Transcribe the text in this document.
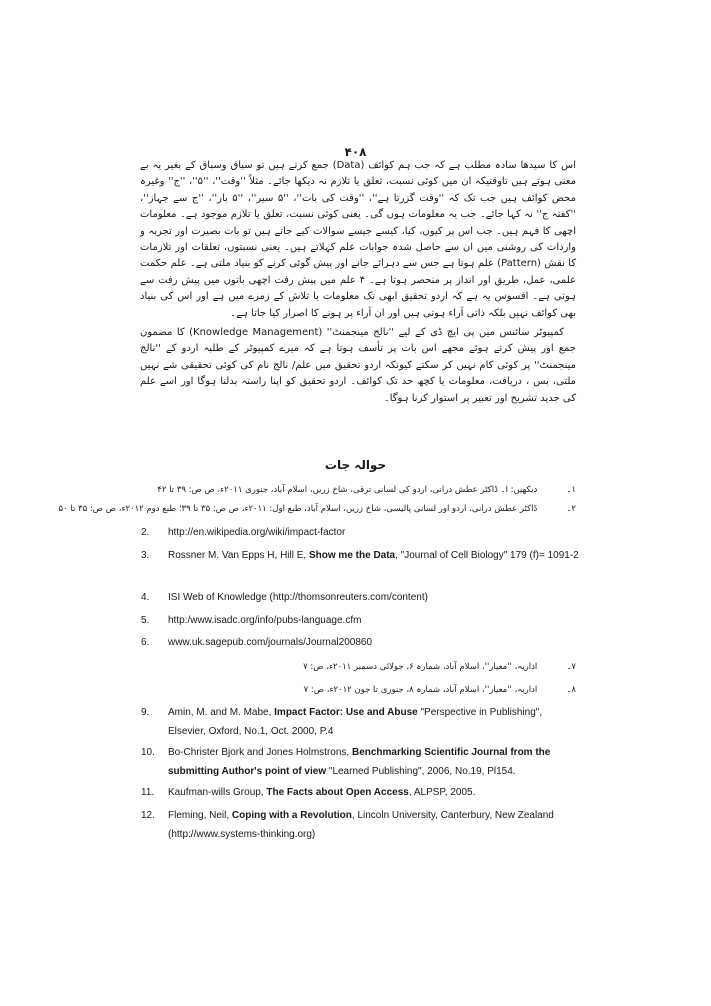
۴۰۸

اس کا سیدھا سادہ مطلب ہے کہ جب ہم کوائف (Data) جمع کرتے ہیں تو سیاق وسباق کے بغیر یہ بے معنی ہوتے ہیں تاوقتیکہ ان میں کوئی نسبت، تعلق یا تلازم نہ دیکھا جائے۔ مثلاً ''وقت''، ''۵''، ''ج'' وغیرہ محض کوائف ہیں جب تک کہ ''وقت گزرتا ہے''، ''وقت کی بات''، ''۵ سیر''، ''۵ بار''، ''ج سے جہاز''، ''کفتہ ج'' نہ کہا جائے۔ جب یہ معلومات ہوں گی۔ یعنی کوئی نسبت، تعلق یا تلازم موجود ہے۔ معلومات اچھی کا فہم ہیں۔ جب اس پر کیوں، کیا، کیسے جیسے سوالات کیے جاتے ہیں تو بات بصیرت اور تجربہ و واردات کی روشنی میں ان سے حاصل شدہ جوابات علم کہلاتے ہیں۔ یعنی نسبتوں، تعلقات اور تلازمات کا نقش (Pattern) علم ہوتا ہے جس سے دہرائے جانے اور پیش گوئی کرنے کو بنیاد ملتی ہے۔ علم حکمت علمی، عمل، طریق اور انداز پر منحصر ہوتا ہے۔ ۴ علم میں پیش رفت اچھی باتوں میں پیش رفت سے ہوتی ہے۔ افسوس یہ ہے کہ اردو تحقیق ابھی تک معلومات یا تلاش کے زمرے میں ہے اور اس کی بنیاد بھی کوائف نہیں بلکہ ذاتی آراء ہوتی ہیں اور ان آراء پر ہونے کا اصرار کیا جاتا ہے۔

کمپیوٹر سائنس میں پی ایچ ڈی کے لیے ''نالج مینجمنٹ'' (Knowledge Management) کا مضمون جمع اور پیش کرتے ہوئے مجھے اس بات پر تأسف ہوتا ہے کہ میرے کمپیوٹر کے طلبہ اردو کے ''نالج مینجمنٹ'' پر کوئی کام نہیں کر سکتے کیونکہ اردو تحقیق میں علم/ نالج نام کی کوئی تحقیقی شے نہیں ملتی، بس ، دریافت، معلومات یا کچھ حد تک کوائف۔ اردو تحقیق کو اپنا راستہ بدلنا ہوگا اور اسے علم کی جدید تشریح اور تعبیر پر استوار کرنا ہوگا۔

حوالہ جات
۱۔ دیکھیں: ا۔ ڈاکٹر عطش درانی، اردو کی لسانی ترقی، شاخ زریں، اسلام آباد، جنوری ۲۰۱۱ء، ص ص: ۳۹ تا ۴۲
۲۔ ڈاکٹر عطش درانی، اردو اور لسانی پالیسی، شاخ زریں، اسلام آباد، طبع اول: ۲۰۱۱ء، ص ص: ۳۵ تا ۳۹؛ طبع دوم ۲۰۱۲ء، ص ص: ۳۵ تا ۵۰
2. http://en.wikipedia.org/wiki/impact-factor
3. Rossner M. Van Epps H, Hill E, Show me the Data, "Journal of Cell Biology" 179 (f)= 1091-2
4. ISI Web of Knowledge (http://thomsonreuters.com/content)
5. http:/www.isadc.org/info/pubs-language.cfm
6. www.uk.sagepub.com/journals/Journal200860
۷۔ اداریہ، ''معیار''، اسلام آباد، شمارہ ۶، جولائی دسمبر ۲۰۱۱ء، ص: ۷
۸۔ اداریہ، ''معیار''، اسلام آباد، شمارہ ۸، جنوری تا جون ۲۰۱۲ء، ص: ۷
9. Amin, M. and M. Mabe, Impact Factor: Use and Abuse "Perspective in Publishing", Elsevier, Oxford, No.1, Oct. 2000, P.4
10. Bo-Christer Bjork and Jones Holmstrons, Benchmarking Scientific Journal from the submitting Author's point of view "Learned Publishing", 2006, No.19, Pl154.
11. Kaufman-wills Group, The Facts about Open Access, ALPSP, 2005.
12. Fleming, Neil, Coping with a Revolution, Lincoln University, Canterbury, New Zealand (http://www.systems-thinking.org)
